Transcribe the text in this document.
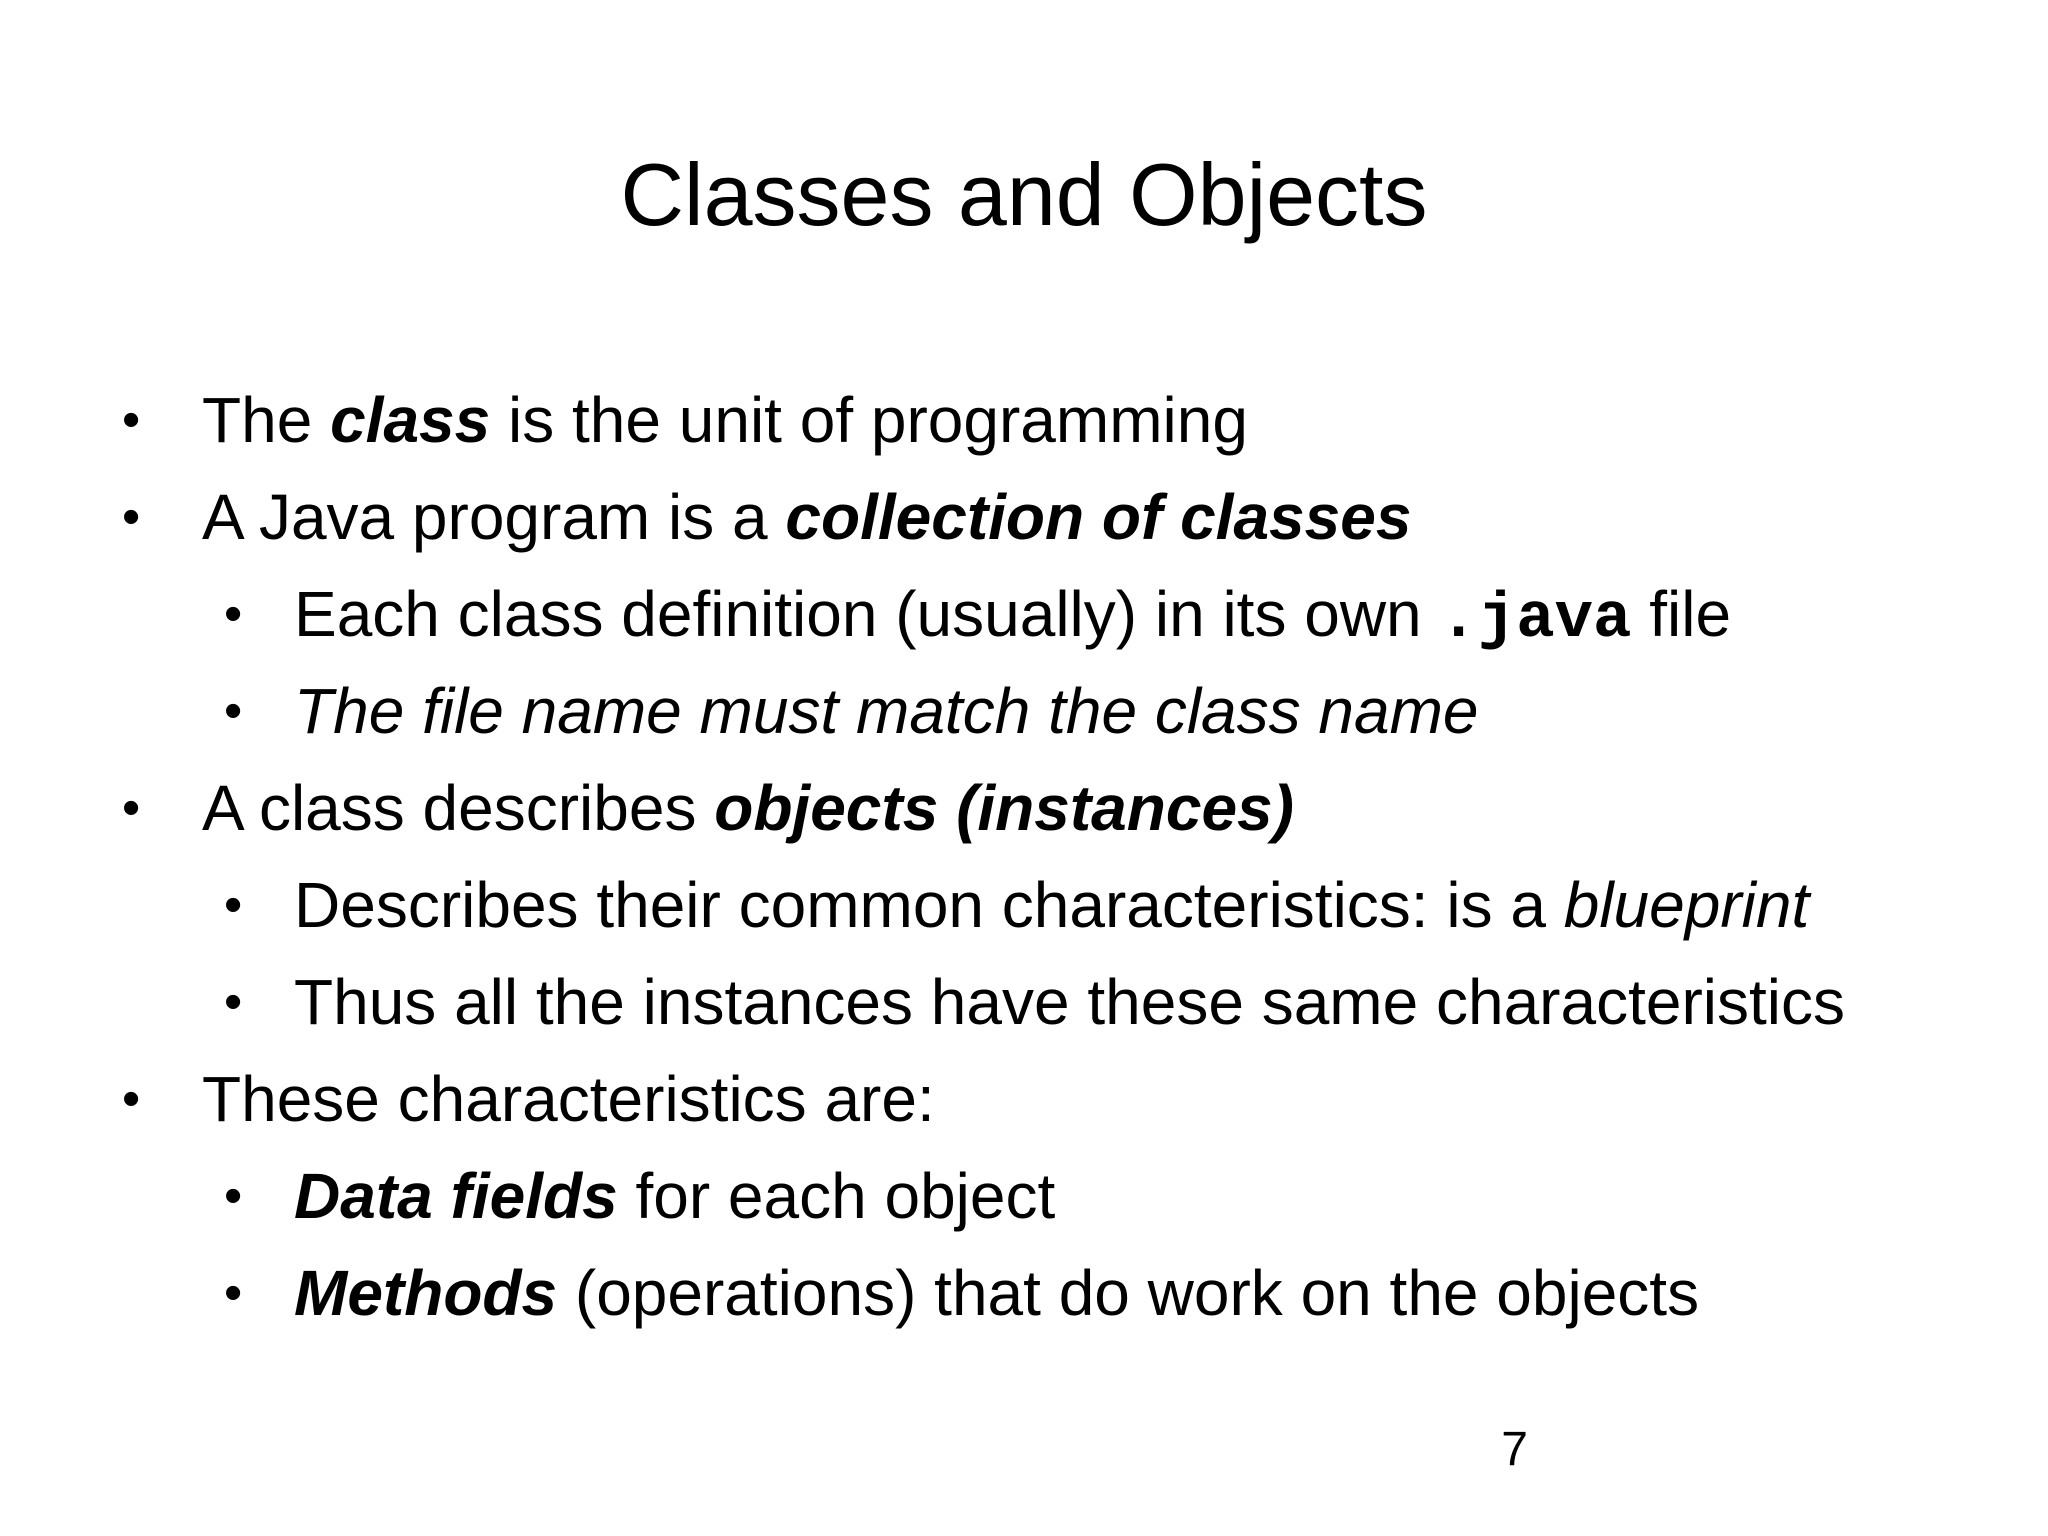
Classes and Objects
• The class is the unit of programming
• A Java program is a collection of classes
• Each class definition (usually) in its own .java file
• The file name must match the class name
• A class describes objects (instances)
• Describes their common characteristics: is a blueprint
• Thus all the instances have these same characteristics
• These characteristics are:
• Data fields for each object
• Methods (operations) that do work on the objects
7
